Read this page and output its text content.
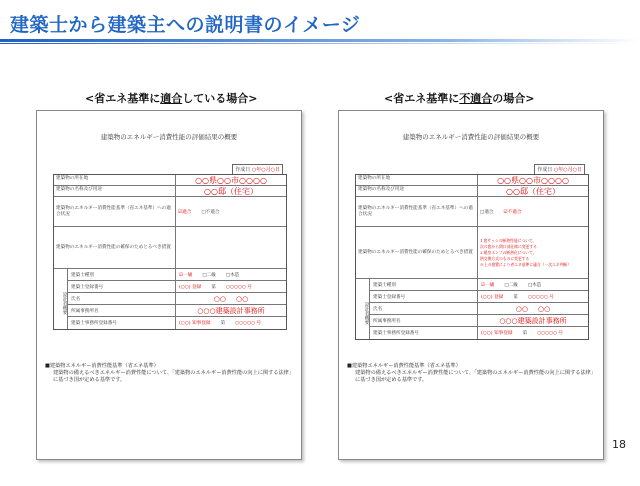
建築士から建築主への説明書のイメージ
<省エネ基準に適合している場合>	<省エネ基準に不適合の場合>
建築物のエネルギー消費性能の評価結果の概要
作成日 ○年○月○日
建築物の所在地	○○県○○市○○○○
建築物の名称及び用途	○○邸（住宅）
建築物のエネルギー消費性能基準（省エネ基準）への適合状況	☑適合 □不適合
建築物のエネルギー消費性能の確保のためとるべき措置
設計者概要
建築士種別	☑一級 □二級 □木造
建築士登録番号	(○○) 登録 第 ○○○○○ 号
氏名	○○ ○○
所属事務所名	○○○建築設計事務所
建築士事務所登録番号	(○○) 知事登録 第 ○○○○○ 号
■建築物エネルギー消費性能基準（省エネ基準）
建築物の備えるべきエネルギー消費性能について、「建築物のエネルギー消費性能の向上に関する法律」に基づき国が定める基準です。
建築物のエネルギー消費性能の評価結果の概要
作成日 ○年○月○日
建築物の所在地	○○県○○市○○○○
建築物の名称及び用途	○○邸（住宅）
建築物のエネルギー消費性能基準（省エネ基準）への適合状況	□適合 ☑不適合
建築物のエネルギー消費性能の確保のためとるべき措置
1 窓サッシの断熱性能について、
次の窓から開口部仕様に変更する
2 暖房ポンプの断熱化について、
熱交換方式のものに変更する
※上の措置により省エネ基準に適合（一次エネ判断）
設計者概要
建築士種別	☑一級 □二級 □木造
建築士登録番号	(○○) 登録 第 ○○○○○ 号
氏名	○○ ○○
所属事務所名	○○○建築設計事務所
建築士事務所登録番号	(○○) 知事登録 第 ○○○○○ 号
■建築物エネルギー消費性能基準（省エネ基準）
建築物の備えるべきエネルギー消費性能について、「建築物のエネルギー消費性能の向上に関する法律」に基づき国が定める基準です。
18
